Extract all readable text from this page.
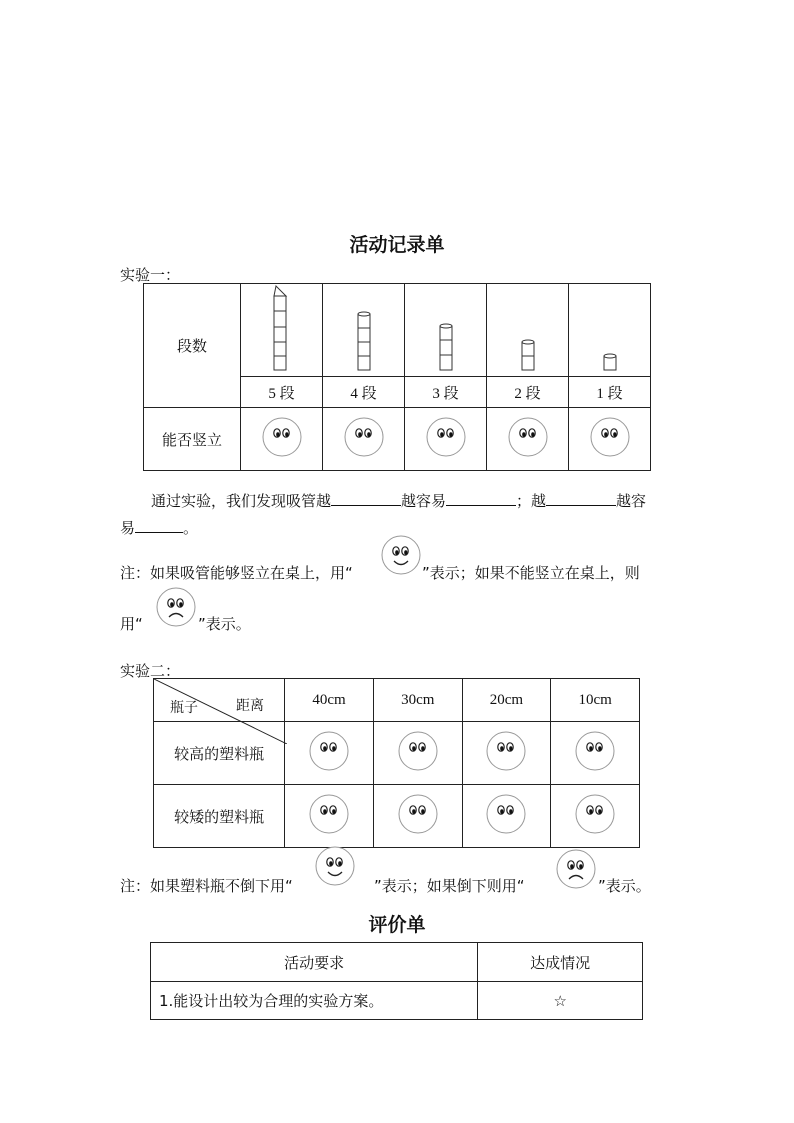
活动记录单
实验一：
段数					
	5 段	4 段	3 段	2 段	1 段
能否竖立	

通过实验，我们发现吸管越	越容易	；越	越容
易	。
注：如果吸管能够竖立在桌上，用“	”表示；如果不能竖立在桌上，则
用“	”表示。
实验二：
瓶子 距离	40cm	30cm	20cm	10cm
较高的塑料瓶	

较矮的塑料瓶	

注：如果塑料瓶不倒下用“	”表示；如果倒下则用“	”表示。
评价单
活动要求	达成情况
1.能设计出较为合理的实验方案。	☆
